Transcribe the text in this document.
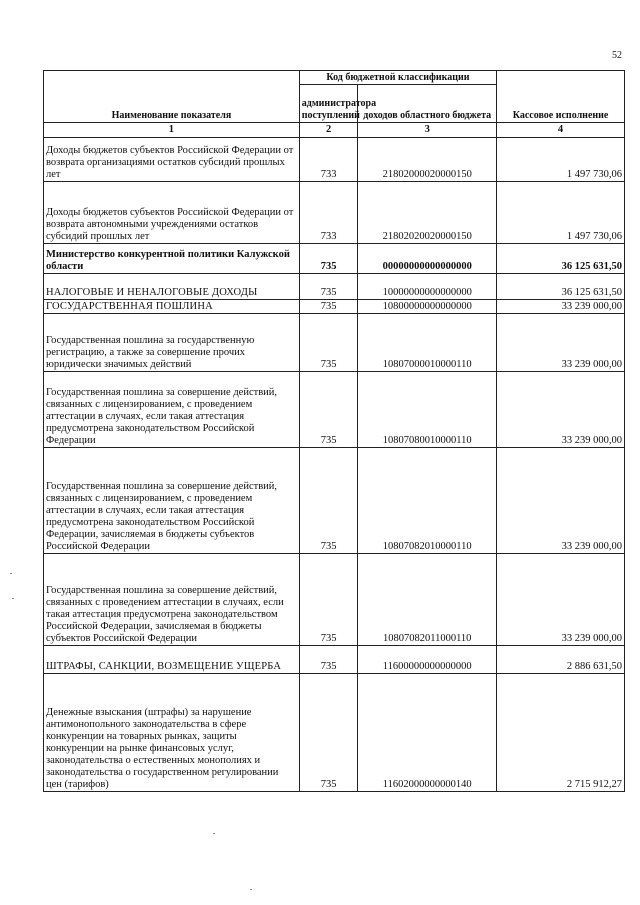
52
Наименование показателя	Код бюджетной классификации		Кассовое исполнение
	администратора поступлений	доходов областного бюджета	
1	2	3	4
Доходы бюджетов субъектов Российской Федерации от возврата организациями остатков субсидий прошлых лет	733	21802000020000150	1 497 730,06
Доходы бюджетов субъектов Российской Федерации от возврата автономными учреждениями остатков субсидий прошлых лет	733	21802020020000150	1 497 730,06
Министерство конкурентной политики Калужской области	735	00000000000000000	36 125 631,50
НАЛОГОВЫЕ И НЕНАЛОГОВЫЕ ДОХОДЫ	735	10000000000000000	36 125 631,50
ГОСУДАРСТВЕННАЯ ПОШЛИНА	735	10800000000000000	33 239 000,00
Государственная пошлина за государственную регистрацию, а также за совершение прочих юридически значимых действий	735	10807000010000110	33 239 000,00
Государственная пошлина за совершение действий, связанных с лицензированием, с проведением аттестации в случаях, если такая аттестация предусмотрена законодательством Российской Федерации	735	10807080010000110	33 239 000,00
Государственная пошлина за совершение действий, связанных с лицензированием, с проведением аттестации в случаях, если такая аттестация предусмотрена законодательством Российской Федерации, зачисляемая в бюджеты субъектов Российской Федерации	735	10807082010000110	33 239 000,00
Государственная пошлина за совершение действий, связанных с проведением аттестации в случаях, если такая аттестация предусмотрена законодательством Российской Федерации, зачисляемая в бюджеты субъектов Российской Федерации	735	10807082011000110	33 239 000,00
ШТРАФЫ, САНКЦИИ, ВОЗМЕЩЕНИЕ УЩЕРБА	735	11600000000000000	2 886 631,50
Денежные взыскания (штрафы) за нарушение антимонопольного законодательства в сфере конкуренции на товарных рынках, защиты конкуренции на рынке финансовых услуг, законодательства о естественных монополиях и законодательства о государственном регулировании цен (тарифов)	735	11602000000000140	2 715 912,27
